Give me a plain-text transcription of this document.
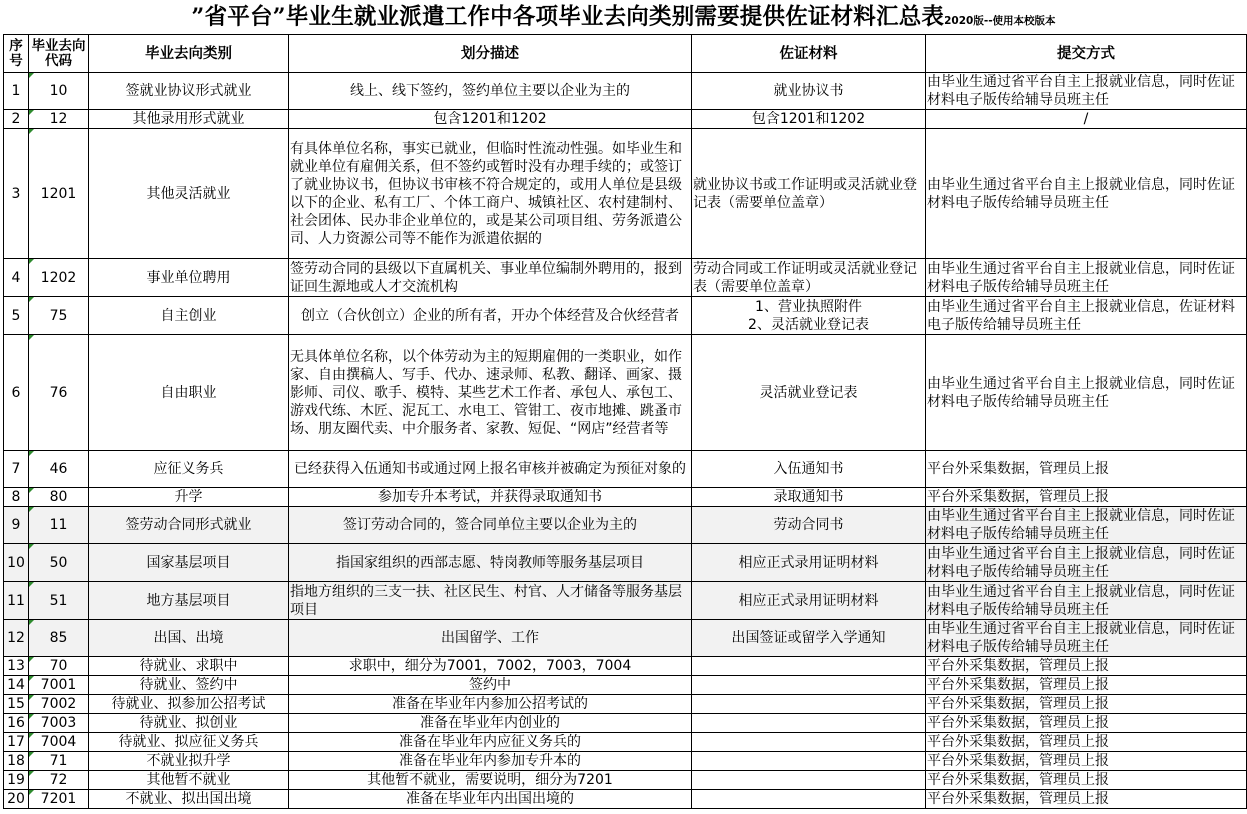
”省平台”毕业生就业派遣工作中各项毕业去向类别需要提供佐证材料汇总表2020版--使用本校版本
序号	毕业去向代码	毕业去向类别	划分描述	佐证材料	提交方式
1	10	签就业协议形式就业	线上、线下签约，签约单位主要以企业为主的	就业协议书	由毕业生通过省平台自主上报就业信息，同时佐证材料电子版传给辅导员班主任
2	12	其他录用形式就业	包含1201和1202	包含1201和1202	/
3	1201	其他灵活就业	有具体单位名称，事实已就业，但临时性流动性强。如毕业生和就业单位有雇佣关系，但不签约或暂时没有办理手续的；或签订了就业协议书，但协议书审核不符合规定的，或用人单位是县级以下的企业、私有工厂、个体工商户、城镇社区、农村建制村、社会团体、民办非企业单位的，或是某公司项目组、劳务派遣公司、人力资源公司等不能作为派遣依据的	就业协议书或工作证明或灵活就业登记表（需要单位盖章）	由毕业生通过省平台自主上报就业信息，同时佐证材料电子版传给辅导员班主任
4	1202	事业单位聘用	签劳动合同的县级以下直属机关、事业单位编制外聘用的，报到证回生源地或人才交流机构	劳动合同或工作证明或灵活就业登记表（需要单位盖章）	由毕业生通过省平台自主上报就业信息，同时佐证材料电子版传给辅导员班主任
5	75	自主创业	创立（合伙创立）企业的所有者，开办个体经营及合伙经营者	1、营业执照附件
2、灵活就业登记表	由毕业生通过省平台自主上报就业信息，佐证材料电子版传给辅导员班主任
6	76	自由职业	无具体单位名称，以个体劳动为主的短期雇佣的一类职业，如作家、自由撰稿人、写手、代办、速录师、私教、翻译、画家、摄影师、司仪、歌手、模特、某些艺术工作者、承包人、承包工、游戏代练、木匠、泥瓦工、水电工、管钳工、夜市地摊、跳蚤市场、朋友圈代卖、中介服务者、家教、短促、“网店”经营者等	灵活就业登记表	由毕业生通过省平台自主上报就业信息，同时佐证材料电子版传给辅导员班主任
7	46	应征义务兵	已经获得入伍通知书或通过网上报名审核并被确定为预征对象的	入伍通知书	平台外采集数据，管理员上报
8	80	升学	参加专升本考试，并获得录取通知书	录取通知书	平台外采集数据，管理员上报
9	11	签劳动合同形式就业	签订劳动合同的，签合同单位主要以企业为主的	劳动合同书	由毕业生通过省平台自主上报就业信息，同时佐证材料电子版传给辅导员班主任
10	50	国家基层项目	指国家组织的西部志愿、特岗教师等服务基层项目	相应正式录用证明材料	由毕业生通过省平台自主上报就业信息，同时佐证材料电子版传给辅导员班主任
11	51	地方基层项目	指地方组织的三支一扶、社区民生、村官、人才储备等服务基层项目	相应正式录用证明材料	由毕业生通过省平台自主上报就业信息，同时佐证材料电子版传给辅导员班主任
12	85	出国、出境	出国留学、工作	出国签证或留学入学通知	由毕业生通过省平台自主上报就业信息，同时佐证材料电子版传给辅导员班主任
13	70	待就业、求职中	求职中，细分为7001，7002，7003，7004		平台外采集数据，管理员上报
14	7001	待就业、签约中	签约中		平台外采集数据，管理员上报
15	7002	待就业、拟参加公招考试	准备在毕业年内参加公招考试的		平台外采集数据，管理员上报
16	7003	待就业、拟创业	准备在毕业年内创业的		平台外采集数据，管理员上报
17	7004	待就业、拟应征义务兵	准备在毕业年内应征义务兵的		平台外采集数据，管理员上报
18	71	不就业拟升学	准备在毕业年内参加专升本的		平台外采集数据，管理员上报
19	72	其他暂不就业	其他暂不就业，需要说明，细分为7201		平台外采集数据，管理员上报
20	7201	不就业、拟出国出境	准备在毕业年内出国出境的		平台外采集数据，管理员上报
